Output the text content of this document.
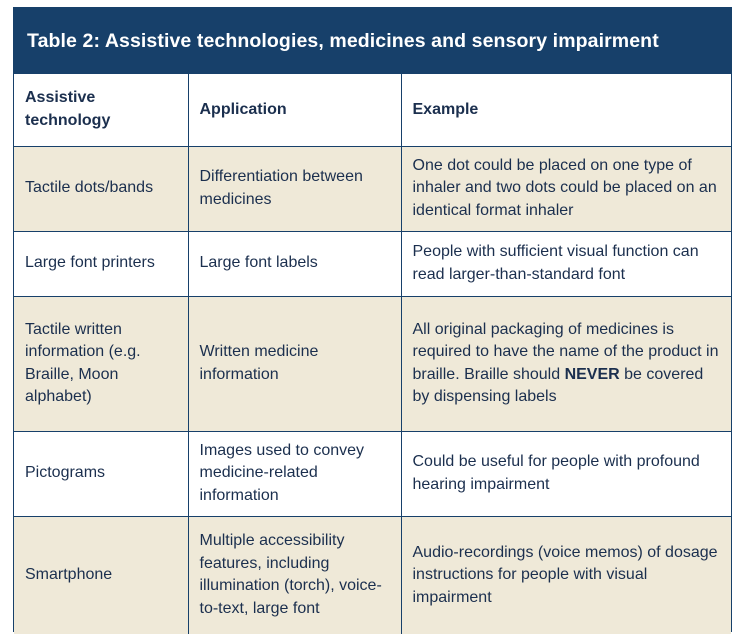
Table 2: Assistive technologies, medicines and sensory impairment
Assistive technology	Application	Example
Tactile dots/bands	Differentiation between medicines	One dot could be placed on one type of inhaler and two dots could be placed on an identical format inhaler
Large font printers	Large font labels	People with sufficient visual function can read larger-than-standard font
Tactile written information (e.g. Braille, Moon alphabet)	Written medicine information	All original packaging of medicines is required to have the name of the product in braille. Braille should NEVER be covered by dispensing labels
Pictograms	Images used to convey medicine-related information	Could be useful for people with profound hearing impairment
Smartphone	Multiple accessibility features, including illumination (torch), voice-to-text, large font	Audio-recordings (voice memos) of dosage instructions for people with visual impairment
